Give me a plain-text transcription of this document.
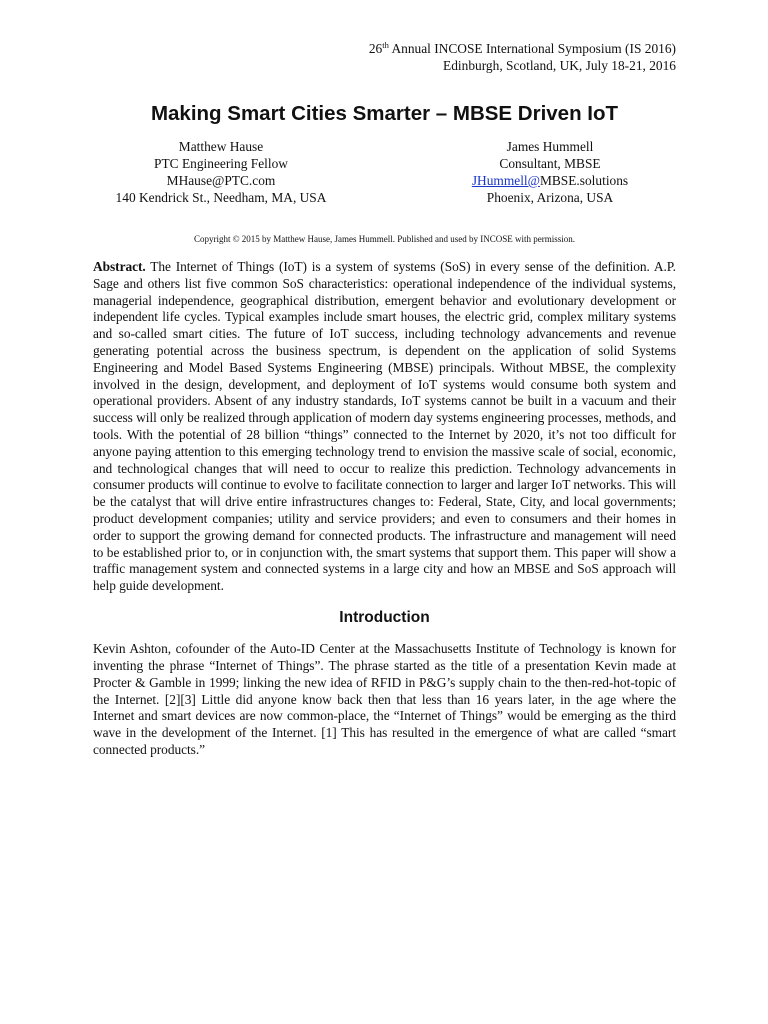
26th Annual INCOSE International Symposium (IS 2016)
Edinburgh, Scotland, UK, July 18-21, 2016
Making Smart Cities Smarter – MBSE Driven IoT
Matthew Hause
PTC Engineering Fellow
MHause@PTC.com
140 Kendrick St., Needham, MA, USA
James Hummell
Consultant, MBSE
JHummell@MBSE.solutions
Phoenix, Arizona, USA
Copyright © 2015 by Matthew Hause, James Hummell. Published and used by INCOSE with permission.

Abstract. The Internet of Things (IoT) is a system of systems (SoS) in every sense of the definition. A.P. Sage and others list five common SoS characteristics: operational independence of the individual systems, managerial independence, geographical distribution, emergent behavior and evolutionary development or independent life cycles. Typical examples include smart houses, the electric grid, complex military systems and so-called smart cities. The future of IoT success, including technology advancements and revenue generating potential across the business spectrum, is dependent on the application of solid Systems Engineering and Model Based Systems Engineering (MBSE) principals. Without MBSE, the complexity involved in the design, development, and deployment of IoT systems would consume both system and operational providers. Absent of any industry standards, IoT systems cannot be built in a vacuum and their success will only be realized through application of modern day systems engineering processes, methods, and tools. With the potential of 28 billion “things” connected to the Internet by 2020, it’s not too difficult for anyone paying attention to this emerging technology trend to envision the massive scale of social, economic, and technological changes that will need to occur to realize this prediction. Technology advancements in consumer products will continue to evolve to facilitate connection to larger and larger IoT networks. This will be the catalyst that will drive entire infrastructures changes to: Federal, State, City, and local governments; product development companies; utility and service providers; and even to consumers and their homes in order to support the growing demand for connected products. The infrastructure and management will need to be established prior to, or in conjunction with, the smart systems that support them. This paper will show a traffic management system and connected systems in a large city and how an MBSE and SoS approach will help guide development.

Introduction

Kevin Ashton, cofounder of the Auto-ID Center at the Massachusetts Institute of Technology is known for inventing the phrase “Internet of Things”. The phrase started as the title of a presentation Kevin made at Procter & Gamble in 1999; linking the new idea of RFID in P&G’s supply chain to the then-red-hot-topic of the Internet. [2][3] Little did anyone know back then that less than 16 years later, in the age where the Internet and smart devices are now common-place, the “Internet of Things” would be emerging as the third wave in the development of the Internet. [1] This has resulted in the emergence of what are called “smart connected products.”
